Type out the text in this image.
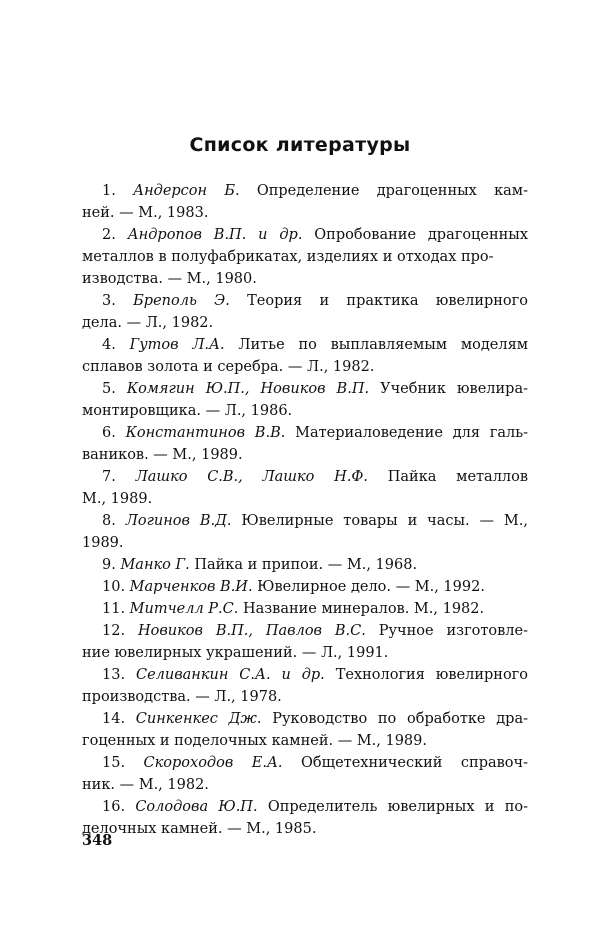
Список литературы

1. Андерсон Б. Определение драгоценных кам-
ней. — М., 1983.

2. Андропов В.П. и др. Опробование драгоценных
металлов в полуфабрикатах, изделиях и отходах про-
изводства. — М., 1980.

3. Бреполь Э. Теория и практика ювелирного
дела. — Л., 1982.

4. Гутов Л.А. Литье по выплавляемым моделям
сплавов золота и серебра. — Л., 1982.

5. Комягин Ю.П., Новиков В.П. Учебник ювелира-
монтировщика. — Л., 1986.

6. Константинов В.В. Материаловедение для галь-
ваников. — М., 1989.

7. Лашко С.В., Лашко Н.Ф. Пайка металлов
М., 1989.

8. Логинов В.Д. Ювелирные товары и часы. — М.,
1989.

9. Манко Г. Пайка и припои. — М., 1968.

10. Марченков В.И. Ювелирное дело. — М., 1992.

11. Митчелл Р.С. Название минералов. М., 1982.

12. Новиков В.П., Павлов В.С. Ручное изготовле-
ние ювелирных украшений. — Л., 1991.

13. Селиванкин С.А. и др. Технология ювелирного
производства. — Л., 1978.

14. Синкенкес Дж. Руководство по обработке дра-
гоценных и поделочных камней. — М., 1989.

15. Скороходов Е.А. Общетехнический справоч-
ник. — М., 1982.

16. Солодова Ю.П. Определитель ювелирных и по-
делочных камней. — М., 1985.

348
